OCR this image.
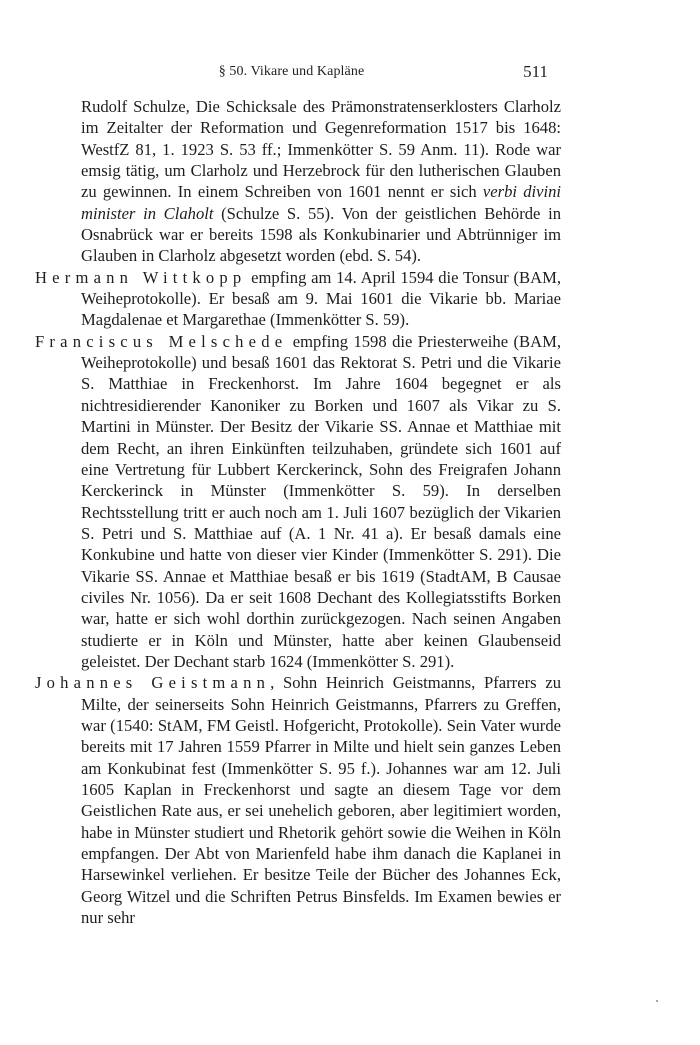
§ 50. Vikare und Kapläne	511

Rudolf Schulze, Die Schicksale des Prämonstratenserklosters Clarholz im Zeitalter der Reformation und Gegenreformation 1517 bis 1648: WestfZ 81, 1. 1923 S. 53 ff.; Immenkötter S. 59 Anm. 11). Rode war emsig tätig, um Clarholz und Herzebrock für den lutherischen Glauben zu gewinnen. In einem Schreiben von 1601 nennt er sich verbi divini minister in Claholt (Schulze S. 55). Von der geistlichen Behörde in Osnabrück war er bereits 1598 als Konkubinarier und Abtrünniger im Glauben in Clarholz abgesetzt worden (ebd. S. 54).

Hermann Wittkopp empfing am 14. April 1594 die Tonsur (BAM, Weiheprotokolle). Er besaß am 9. Mai 1601 die Vikarie bb. Mariae Magdalenae et Margarethae (Immenkötter S. 59).

Franciscus Melschede empfing 1598 die Priesterweihe (BAM, Weiheprotokolle) und besaß 1601 das Rektorat S. Petri und die Vikarie S. Matthiae in Freckenhorst. Im Jahre 1604 begegnet er als nichtresidierender Kanoniker zu Borken und 1607 als Vikar zu S. Martini in Münster. Der Besitz der Vikarie SS. Annae et Matthiae mit dem Recht, an ihren Einkünften teilzuhaben, gründete sich 1601 auf eine Vertretung für Lubbert Kerckerinck, Sohn des Freigrafen Johann Kerckerinck in Münster (Immenkötter S. 59). In derselben Rechtsstellung tritt er auch noch am 1. Juli 1607 bezüglich der Vikarien S. Petri und S. Matthiae auf (A. 1 Nr. 41 a). Er besaß damals eine Konkubine und hatte von dieser vier Kinder (Immenkötter S. 291). Die Vikarie SS. Annae et Matthiae besaß er bis 1619 (StadtAM, B Causae civiles Nr. 1056). Da er seit 1608 Dechant des Kollegiatsstifts Borken war, hatte er sich wohl dorthin zurückgezogen. Nach seinen Angaben studierte er in Köln und Münster, hatte aber keinen Glaubenseid geleistet. Der Dechant starb 1624 (Immenkötter S. 291).

Johannes Geistmann, Sohn Heinrich Geistmanns, Pfarrers zu Milte, der seinerseits Sohn Heinrich Geistmanns, Pfarrers zu Greffen, war (1540: StAM, FM Geistl. Hofgericht, Protokolle). Sein Vater wurde bereits mit 17 Jahren 1559 Pfarrer in Milte und hielt sein ganzes Leben am Konkubinat fest (Immenkötter S. 95 f.). Johannes war am 12. Juli 1605 Kaplan in Freckenhorst und sagte an diesem Tage vor dem Geistlichen Rate aus, er sei unehelich geboren, aber legitimiert worden, habe in Münster studiert und Rhetorik gehört sowie die Weihen in Köln empfangen. Der Abt von Marienfeld habe ihm danach die Kaplanei in Harsewinkel verliehen. Er besitze Teile der Bücher des Johannes Eck, Georg Witzel und die Schriften Petrus Binsfelds. Im Examen bewies er nur sehr
